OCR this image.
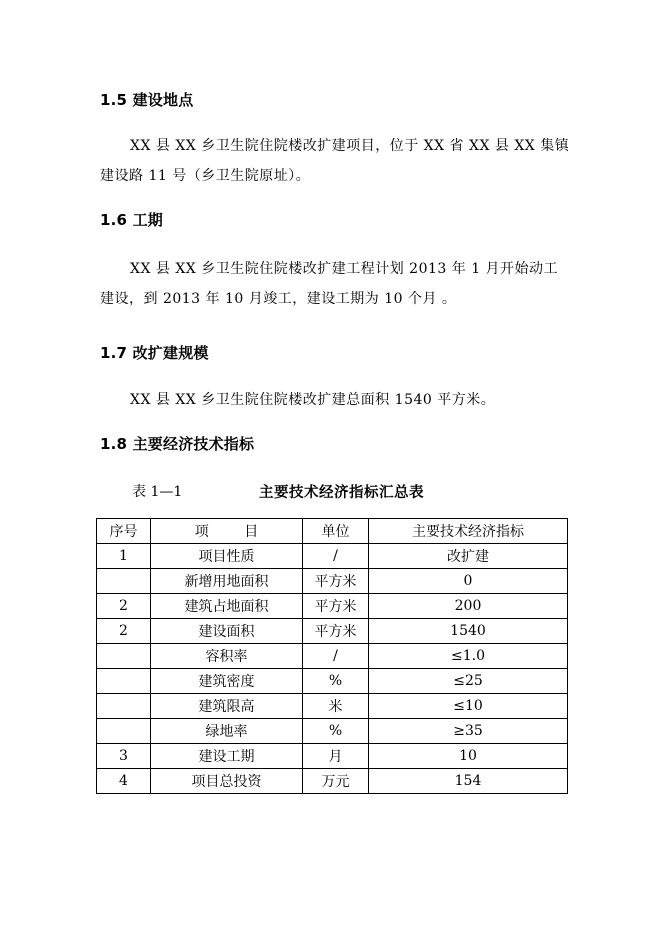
1.5 建设地点
XX 县 XX 乡卫生院住院楼改扩建项目，位于 XX 省 XX 县 XX 集镇
建设路 11 号（乡卫生院原址）。
1.6 工期
XX 县 XX 乡卫生院住院楼改扩建工程计划 2013 年 1 月开始动工
建设，到 2013 年 10 月竣工，建设工期为 10 个月 。
1.7 改扩建规模
XX 县 XX 乡卫生院住院楼改扩建总面积 1540 平方米。
1.8 主要经济技术指标
表 1—1	主要技术经济指标汇总表
序号	项        目	单位	主要技术经济指标
1	项目性质	/	改扩建
	新增用地面积	平方米	0
2	建筑占地面积	平方米	200
2	建设面积	平方米	1540
	容积率	/	≤1.0
	建筑密度	%	≤25
	建筑限高	米	≤10
	绿地率	%	≥35
3	建设工期	月	10
4	项目总投资	万元	154
